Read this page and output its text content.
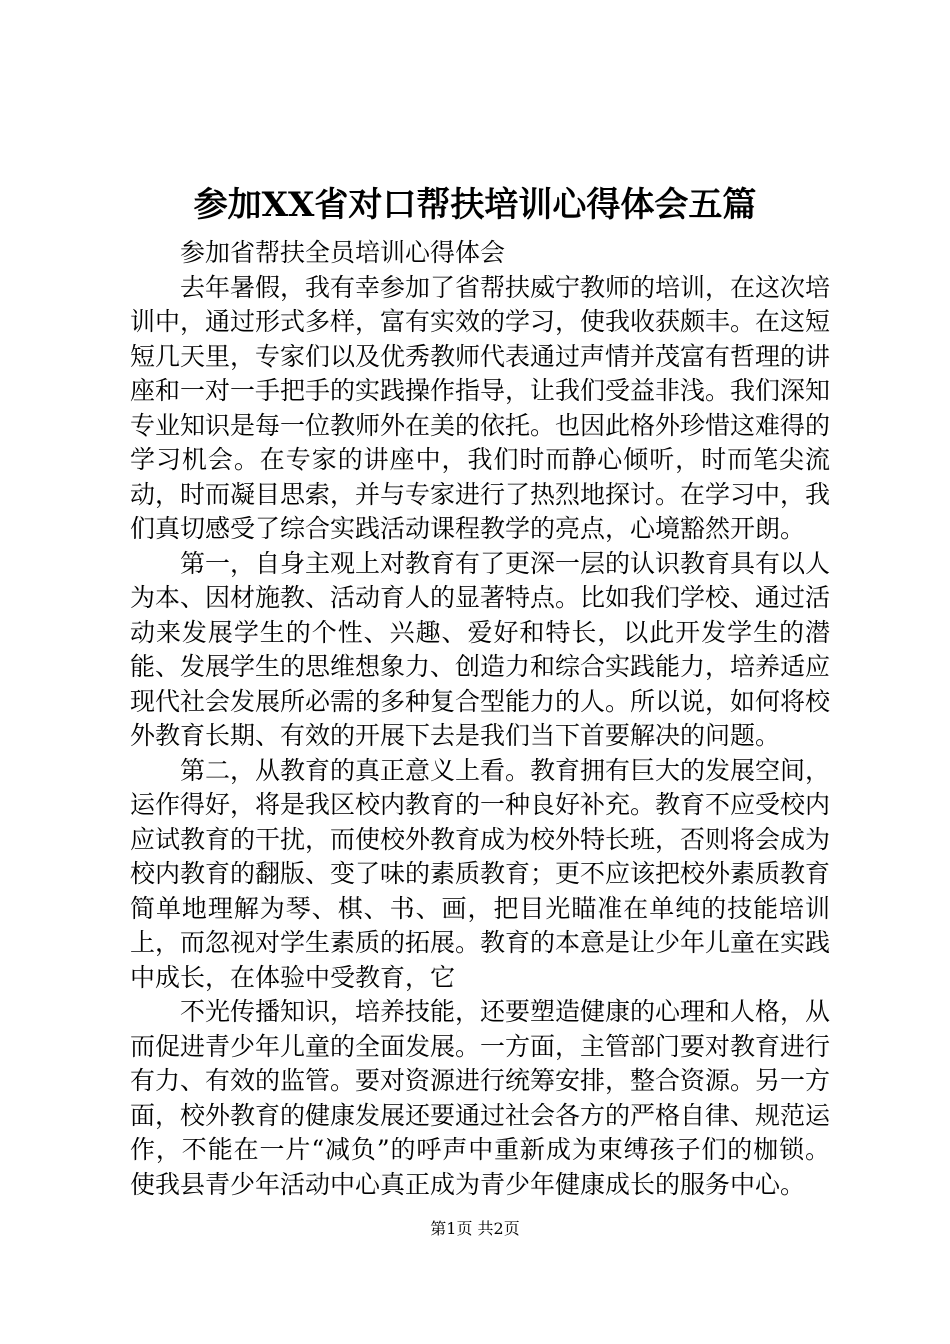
参加XX省对口帮扶培训心得体会五篇

参加省帮扶全员培训心得体会

去年暑假，我有幸参加了省帮扶威宁教师的培训，在这次培训中，通过形式多样，富有实效的学习，使我收获颇丰。在这短短几天里，专家们以及优秀教师代表通过声情并茂富有哲理的讲座和一对一手把手的实践操作指导，让我们受益非浅。我们深知专业知识是每一位教师外在美的依托。也因此格外珍惜这难得的学习机会。在专家的讲座中，我们时而静心倾听，时而笔尖流动，时而凝目思索，并与专家进行了热烈地探讨。在学习中，我们真切感受了综合实践活动课程教学的亮点，心境豁然开朗。

第一，自身主观上对教育有了更深一层的认识教育具有以人为本、因材施教、活动育人的显著特点。比如我们学校、通过活动来发展学生的个性、兴趣、爱好和特长，以此开发学生的潜能、发展学生的思维想象力、创造力和综合实践能力，培养适应现代社会发展所必需的多种复合型能力的人。所以说，如何将校外教育长期、有效的开展下去是我们当下首要解决的问题。

第二，从教育的真正意义上看。教育拥有巨大的发展空间，运作得好，将是我区校内教育的一种良好补充。教育不应受校内应试教育的干扰，而使校外教育成为校外特长班，否则将会成为校内教育的翻版、变了味的素质教育；更不应该把校外素质教育简单地理解为琴、棋、书、画，把目光瞄准在单纯的技能培训上，而忽视对学生素质的拓展。教育的本意是让少年儿童在实践中成长，在体验中受教育，它

不光传播知识，培养技能，还要塑造健康的心理和人格，从而促进青少年儿童的全面发展。一方面，主管部门要对教育进行有力、有效的监管。要对资源进行统筹安排，整合资源。另一方面，校外教育的健康发展还要通过社会各方的严格自律、规范运作，不能在一片“减负”的呼声中重新成为束缚孩子们的枷锁。使我县青少年活动中心真正成为青少年健康成长的服务中心。

第1页 共2页
